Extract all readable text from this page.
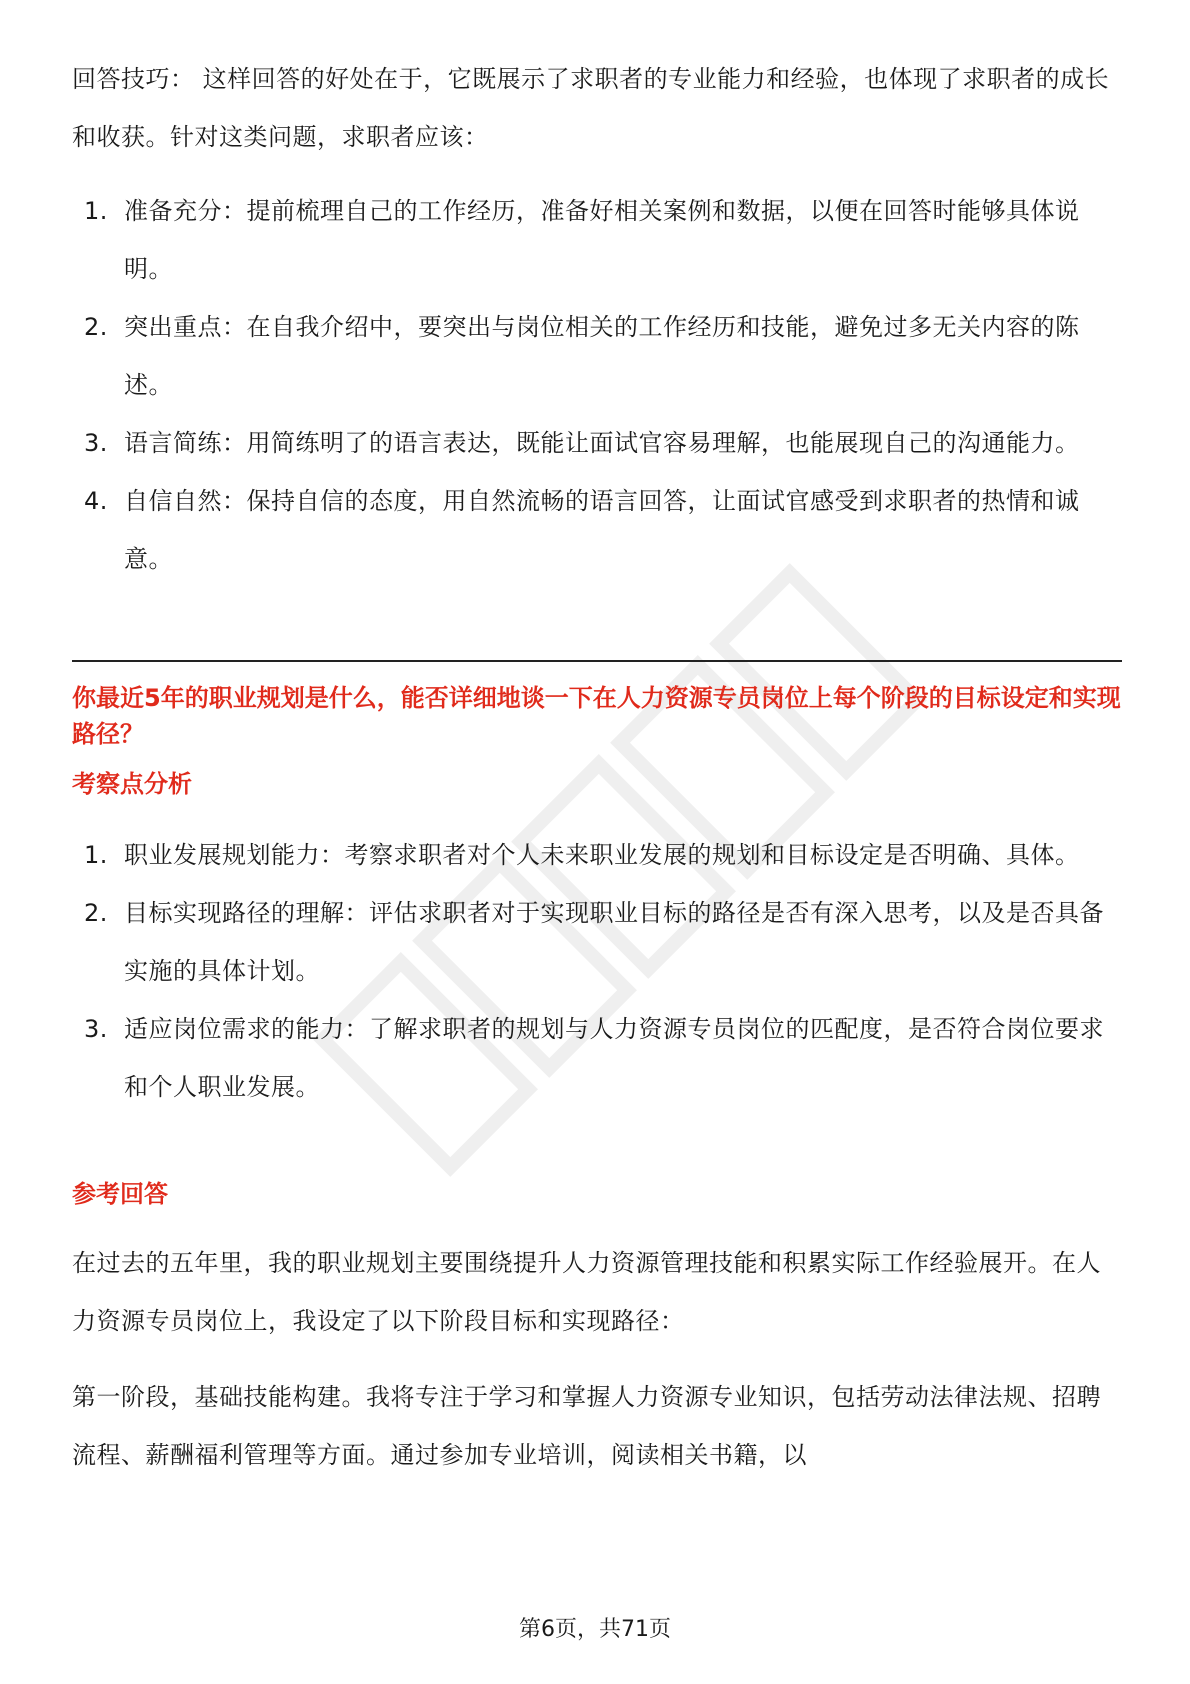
回答技巧： 这样回答的好处在于，它既展示了求职者的专业能力和经验，也体现了求职者的成长和收获。针对这类问题，求职者应该：

1. 准备充分：提前梳理自己的工作经历，准备好相关案例和数据，以便在回答时能够具体说明。
2. 突出重点：在自我介绍中，要突出与岗位相关的工作经历和技能，避免过多无关内容的陈述。
3. 语言简练：用简练明了的语言表达，既能让面试官容易理解，也能展现自己的沟通能力。
4. 自信自然：保持自信的态度，用自然流畅的语言回答，让面试官感受到求职者的热情和诚意。

你最近5年的职业规划是什么，能否详细地谈一下在人力资源专员岗位上每个阶段的目标设定和实现路径？

考察点分析

1. 职业发展规划能力：考察求职者对个人未来职业发展的规划和目标设定是否明确、具体。
2. 目标实现路径的理解：评估求职者对于实现职业目标的路径是否有深入思考，以及是否具备实施的具体计划。
3. 适应岗位需求的能力：了解求职者的规划与人力资源专员岗位的匹配度，是否符合岗位要求和个人职业发展。

参考回答

在过去的五年里，我的职业规划主要围绕提升人力资源管理技能和积累实际工作经验展开。在人力资源专员岗位上，我设定了以下阶段目标和实现路径：

第一阶段，基础技能构建。我将专注于学习和掌握人力资源专业知识，包括劳动法律法规、招聘流程、薪酬福利管理等方面。通过参加专业培训，阅读相关书籍，以

第6页，共71页
